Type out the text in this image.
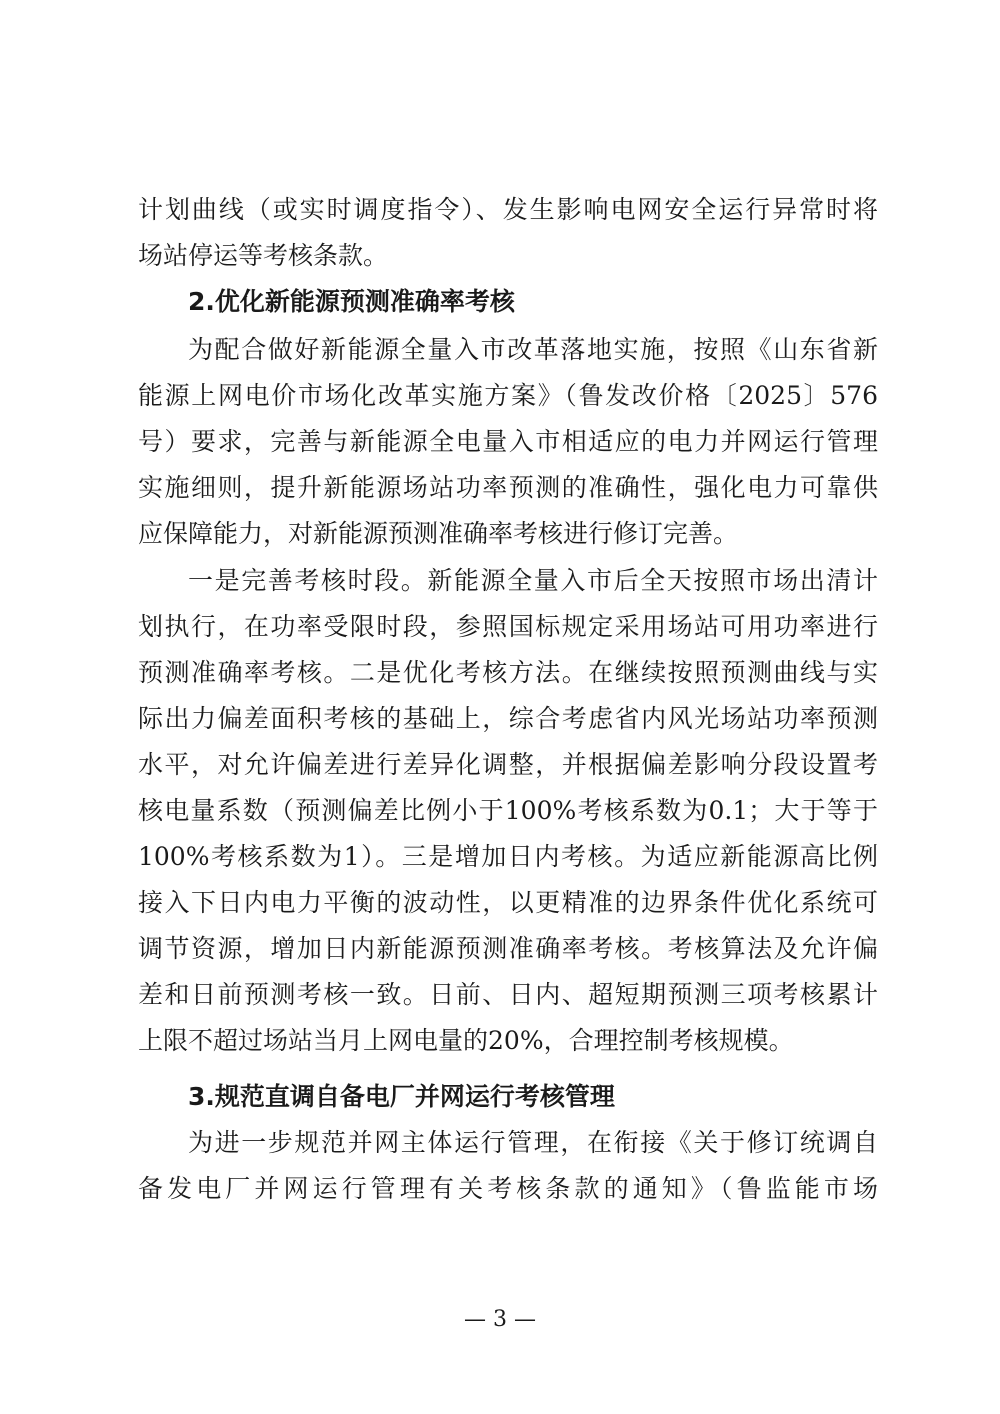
计划曲线（或实时调度指令）、发生影响电网安全运行异常时将
场站停运等考核条款。
2.优化新能源预测准确率考核
为配合做好新能源全量入市改革落地实施，按照《山东省新
能源上网电价市场化改革实施方案》（鲁发改价格〔2025〕576
号）要求，完善与新能源全电量入市相适应的电力并网运行管理
实施细则，提升新能源场站功率预测的准确性，强化电力可靠供
应保障能力，对新能源预测准确率考核进行修订完善。
一是完善考核时段。新能源全量入市后全天按照市场出清计
划执行，在功率受限时段，参照国标规定采用场站可用功率进行
预测准确率考核。二是优化考核方法。在继续按照预测曲线与实
际出力偏差面积考核的基础上，综合考虑省内风光场站功率预测
水平，对允许偏差进行差异化调整，并根据偏差影响分段设置考
核电量系数（预测偏差比例小于100%考核系数为0.1；大于等于
100%考核系数为1）。三是增加日内考核。为适应新能源高比例
接入下日内电力平衡的波动性，以更精准的边界条件优化系统可
调节资源，增加日内新能源预测准确率考核。考核算法及允许偏
差和日前预测考核一致。日前、日内、超短期预测三项考核累计
上限不超过场站当月上网电量的20%，合理控制考核规模。
3.规范直调自备电厂并网运行考核管理
为进一步规范并网主体运行管理，在衔接《关于修订统调自
备发电厂并网运行管理有关考核条款的通知》（鲁监能市场
— 3 —
